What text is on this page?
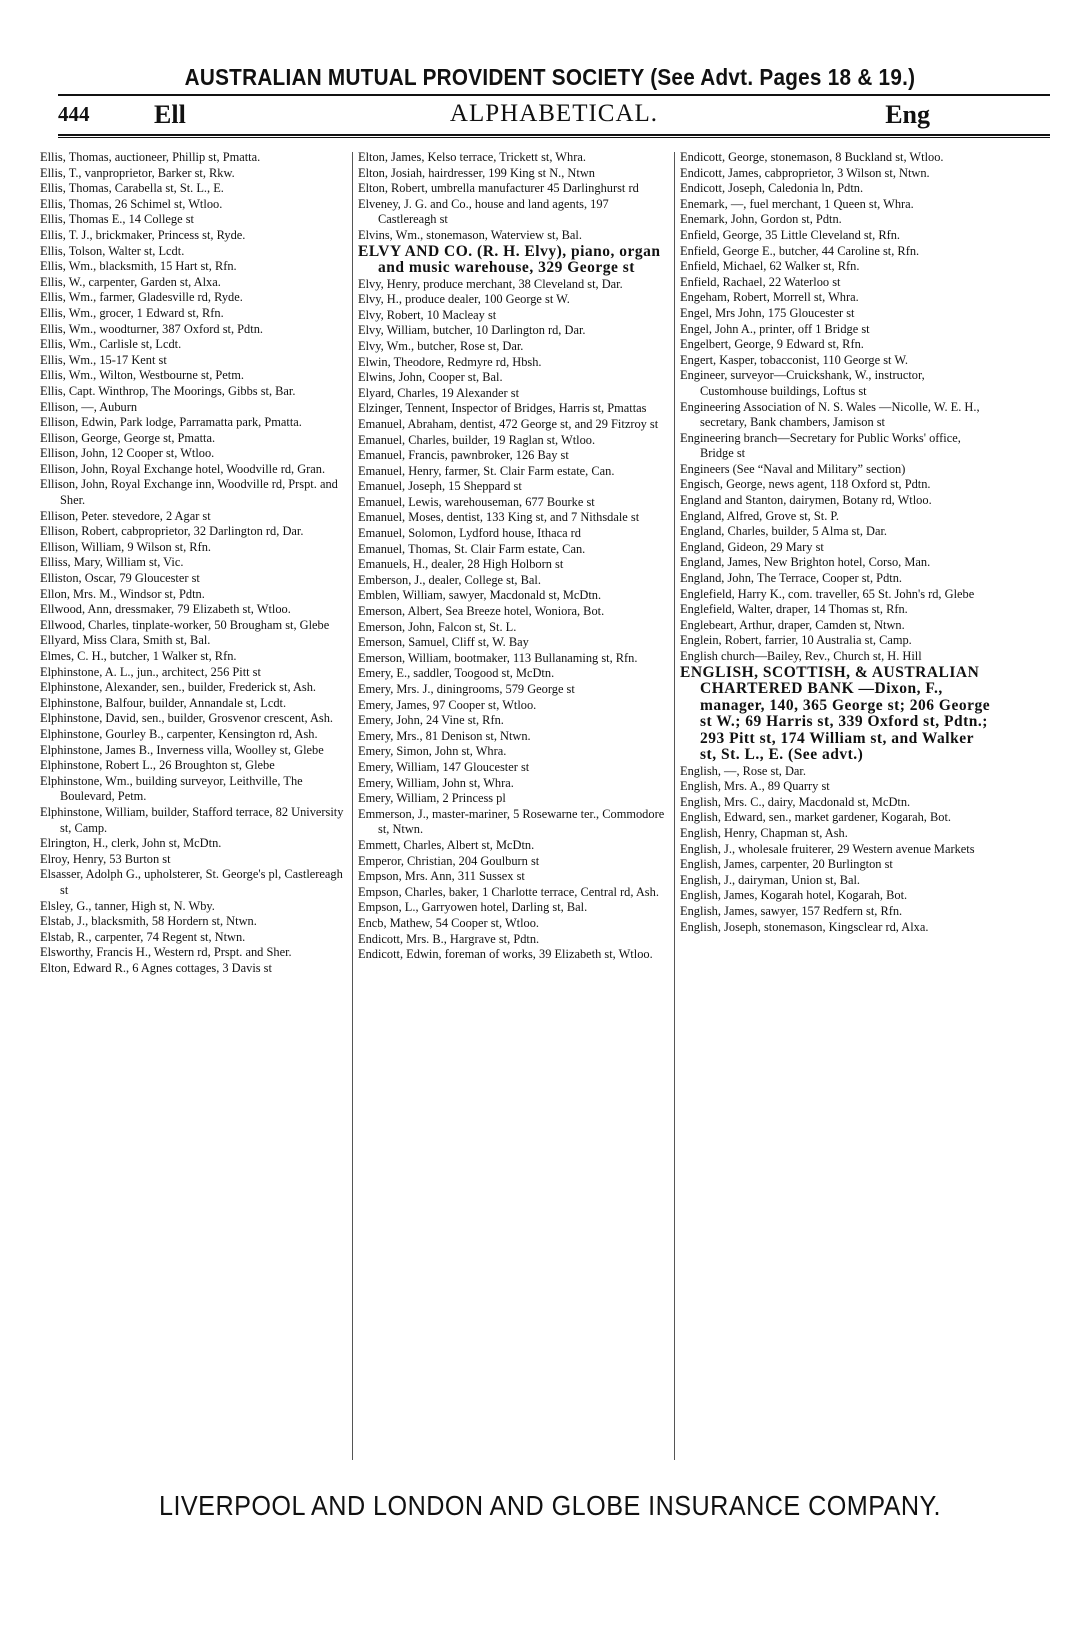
AUSTRALIAN MUTUAL PROVIDENT SOCIETY (See Advt. Pages 18 & 19.)
444 Ell	ALPHABETICAL.	Eng

Ellis, Thomas, auctioneer, Phillip st, Pmatta.

Ellis, T., vanproprietor, Barker st, Rkw.

Ellis, Thomas, Carabella st, St. L., E.

Ellis, Thomas, 26 Schimel st, Wtloo.

Ellis, Thomas E., 14 College st

Ellis, T. J., brickmaker, Princess st, Ryde.

Ellis, Tolson, Walter st, Lcdt.

Ellis, Wm., blacksmith, 15 Hart st, Rfn.

Ellis, W., carpenter, Garden st, Alxa.

Ellis, Wm., farmer, Gladesville rd, Ryde.

Ellis, Wm., grocer, 1 Edward st, Rfn.

Ellis, Wm., woodturner, 387 Oxford st, Pdtn.

Ellis, Wm., Carlisle st, Lcdt.

Ellis, Wm., 15-17 Kent st

Ellis, Wm., Wilton, Westbourne st, Petm.

Ellis, Capt. Winthrop, The Moorings, Gibbs st, Bar.

Ellison, —, Auburn

Ellison, Edwin, Park lodge, Parramatta park, Pmatta.

Ellison, George, George st, Pmatta.

Ellison, John, 12 Cooper st, Wtloo.

Ellison, John, Royal Exchange hotel, Woodville rd, Gran.

Ellison, John, Royal Exchange inn, Woodville rd, Prspt. and Sher.

Ellison, Peter. stevedore, 2 Agar st

Ellison, Robert, cabproprietor, 32 Darlington rd, Dar.

Ellison, William, 9 Wilson st, Rfn.

Elliss, Mary, William st, Vic.

Elliston, Oscar, 79 Gloucester st

Ellon, Mrs. M., Windsor st, Pdtn.

Ellwood, Ann, dressmaker, 79 Elizabeth st, Wtloo.

Ellwood, Charles, tinplate-worker, 50 Brougham st, Glebe

Ellyard, Miss Clara, Smith st, Bal.

Elmes, C. H., butcher, 1 Walker st, Rfn.

Elphinstone, A. L., jun., architect, 256 Pitt st

Elphinstone, Alexander, sen., builder, Frederick st, Ash.

Elphinstone, Balfour, builder, Annandale st, Lcdt.

Elphinstone, David, sen., builder, Grosvenor crescent, Ash.

Elphinstone, Gourley B., carpenter, Kensington rd, Ash.

Elphinstone, James B., Inverness villa, Woolley st, Glebe

Elphinstone, Robert L., 26 Broughton st, Glebe

Elphinstone, Wm., building surveyor, Leithville, The Boulevard, Petm.

Elphinstone, William, builder, Stafford terrace, 82 University st, Camp.

Elrington, H., clerk, John st, McDtn.

Elroy, Henry, 53 Burton st

Elsasser, Adolph G., upholsterer, St. George's pl, Castlereagh st

Elsley, G., tanner, High st, N. Wby.

Elstab, J., blacksmith, 58 Hordern st, Ntwn.

Elstab, R., carpenter, 74 Regent st, Ntwn.

Elsworthy, Francis H., Western rd, Prspt. and Sher.

Elton, Edward R., 6 Agnes cottages, 3 Davis st

Elton, James, Kelso terrace, Trickett st, Whra.

Elton, Josiah, hairdresser, 199 King st N., Ntwn

Elton, Robert, umbrella manufacturer 45 Darlinghurst rd

Elveney, J. G. and Co., house and land agents, 197 Castlereagh st

Elvins, Wm., stonemason, Waterview st, Bal.

ELVY AND CO. (R. H. Elvy), piano, organ and music warehouse, 329 George st

Elvy, Henry, produce merchant, 38 Cleveland st, Dar.

Elvy, H., produce dealer, 100 George st W.

Elvy, Robert, 10 Macleay st

Elvy, William, butcher, 10 Darlington rd, Dar.

Elvy, Wm., butcher, Rose st, Dar.

Elwin, Theodore, Redmyre rd, Hbsh.

Elwins, John, Cooper st, Bal.

Elyard, Charles, 19 Alexander st

Elzinger, Tennent, Inspector of Bridges, Harris st, Pmattas

Emanuel, Abraham, dentist, 472 George st, and 29 Fitzroy st

Emanuel, Charles, builder, 19 Raglan st, Wtloo.

Emanuel, Francis, pawnbroker, 126 Bay st

Emanuel, Henry, farmer, St. Clair Farm estate, Can.

Emanuel, Joseph, 15 Sheppard st

Emanuel, Lewis, warehouseman, 677 Bourke st

Emanuel, Moses, dentist, 133 King st, and 7 Nithsdale st

Emanuel, Solomon, Lydford house, Ithaca rd

Emanuel, Thomas, St. Clair Farm estate, Can.

Emanuels, H., dealer, 28 High Holborn st

Emberson, J., dealer, College st, Bal.

Emblen, William, sawyer, Macdonald st, McDtn.

Emerson, Albert, Sea Breeze hotel, Woniora, Bot.

Emerson, John, Falcon st, St. L.

Emerson, Samuel, Cliff st, W. Bay

Emerson, William, bootmaker, 113 Bullanaming st, Rfn.

Emery, E., saddler, Toogood st, McDtn.

Emery, Mrs. J., diningrooms, 579 George st

Emery, James, 97 Cooper st, Wtloo.

Emery, John, 24 Vine st, Rfn.

Emery, Mrs., 81 Denison st, Ntwn.

Emery, Simon, John st, Whra.

Emery, William, 147 Gloucester st

Emery, William, John st, Whra.

Emery, William, 2 Princess pl

Emmerson, J., master-mariner, 5 Rosewarne ter., Commodore st, Ntwn.

Emmett, Charles, Albert st, McDtn.

Emperor, Christian, 204 Goulburn st

Empson, Mrs. Ann, 311 Sussex st

Empson, Charles, baker, 1 Charlotte terrace, Central rd, Ash.

Empson, L., Garryowen hotel, Darling st, Bal.

Encb, Mathew, 54 Cooper st, Wtloo.

Endicott, Mrs. B., Hargrave st, Pdtn.

Endicott, Edwin, foreman of works, 39 Elizabeth st, Wtloo.

Endicott, George, stonemason, 8 Buckland st, Wtloo.

Endicott, James, cabproprietor, 3 Wilson st, Ntwn.

Endicott, Joseph, Caledonia ln, Pdtn.

Enemark, —, fuel merchant, 1 Queen st, Whra.

Enemark, John, Gordon st, Pdtn.

Enfield, George, 35 Little Cleveland st, Rfn.

Enfield, George E., butcher, 44 Caroline st, Rfn.

Enfield, Michael, 62 Walker st, Rfn.

Enfield, Rachael, 22 Waterloo st

Engeham, Robert, Morrell st, Whra.

Engel, Mrs John, 175 Gloucester st

Engel, John A., printer, off 1 Bridge st

Engelbert, George, 9 Edward st, Rfn.

Engert, Kasper, tobacconist, 110 George st W.

Engineer, surveyor—Cruickshank, W., instructor, Customhouse buildings, Loftus st

Engineering Association of N. S. Wales —Nicolle, W. E. H., secretary, Bank chambers, Jamison st

Engineering branch—Secretary for Public Works' office, Bridge st

Engineers (See “Naval and Military” section)

Engisch, George, news agent, 118 Oxford st, Pdtn.

England and Stanton, dairymen, Botany rd, Wtloo.

England, Alfred, Grove st, St. P.

England, Charles, builder, 5 Alma st, Dar.

England, Gideon, 29 Mary st

England, James, New Brighton hotel, Corso, Man.

England, John, The Terrace, Cooper st, Pdtn.

Englefield, Harry K., com. traveller, 65 St. John's rd, Glebe

Englefield, Walter, draper, 14 Thomas st, Rfn.

Englebeart, Arthur, draper, Camden st, Ntwn.

Englein, Robert, farrier, 10 Australia st, Camp.

English church—Bailey, Rev., Church st, H. Hill

ENGLISH, SCOTTISH, & AUSTRALIAN CHARTERED BANK —Dixon, F., manager, 140, 365 George st; 206 George st W.; 69 Harris st, 339 Oxford st, Pdtn.; 293 Pitt st, 174 William st, and Walker st, St. L., E. (See advt.)

English, —, Rose st, Dar.

English, Mrs. A., 89 Quarry st

English, Mrs. C., dairy, Macdonald st, McDtn.

English, Edward, sen., market gardener, Kogarah, Bot.

English, Henry, Chapman st, Ash.

English, J., wholesale fruiterer, 29 Western avenue Markets

English, James, carpenter, 20 Burlington st

English, J., dairyman, Union st, Bal.

English, James, Kogarah hotel, Kogarah, Bot.

English, James, sawyer, 157 Redfern st, Rfn.

English, Joseph, stonemason, Kingsclear rd, Alxa.

LIVERPOOL AND LONDON AND GLOBE INSURANCE COMPANY.
